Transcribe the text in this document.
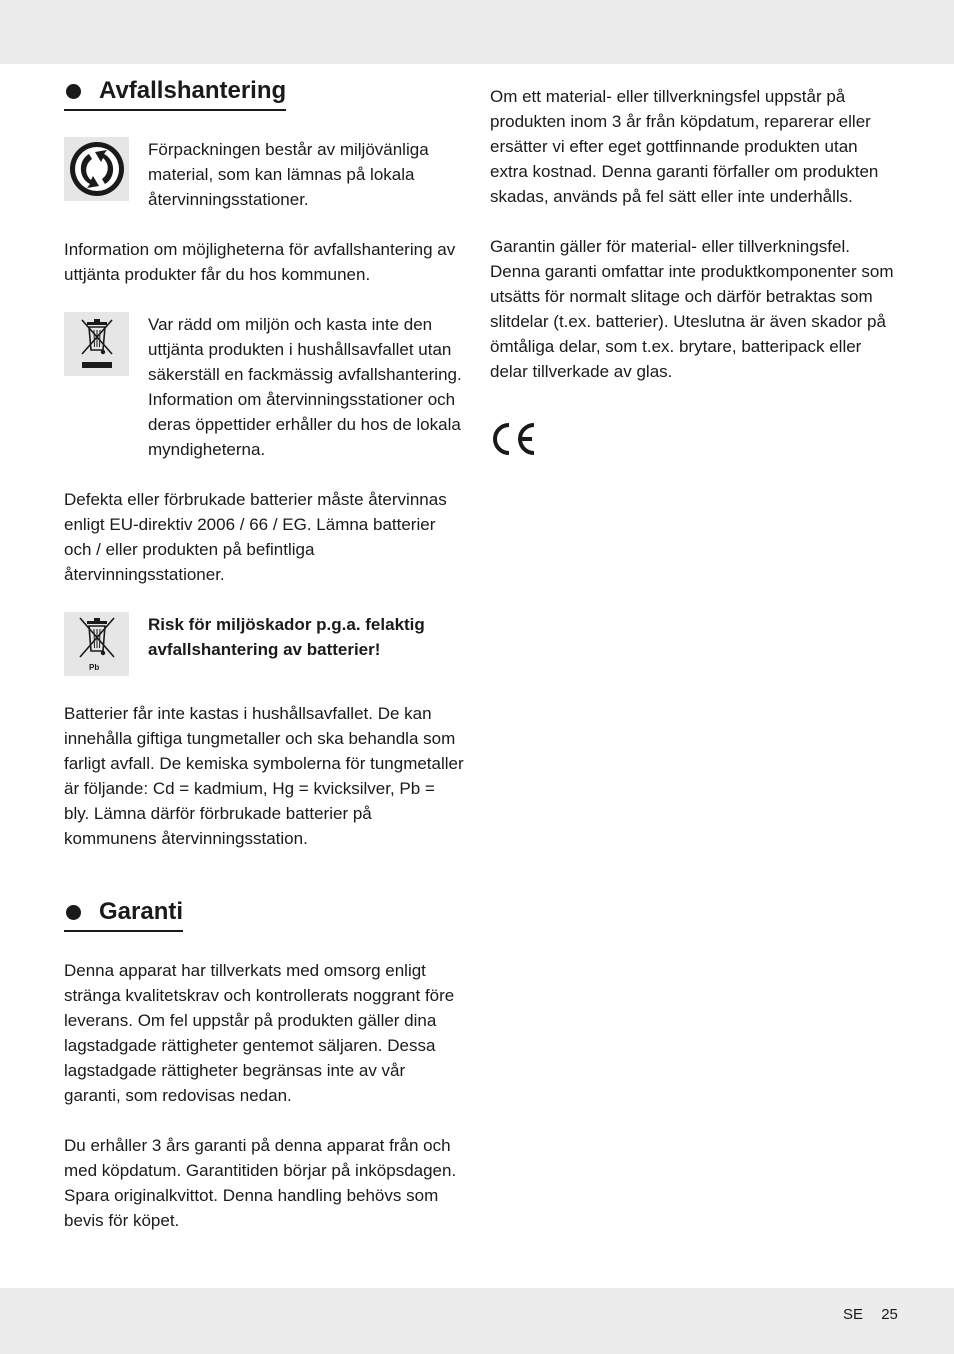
Avfallshantering

Förpackningen består av miljövänliga material, som kan lämnas på lokala återvinningsstationer.

Information om möjligheterna för avfallshantering av uttjänta produkter får du hos kommunen.

Var rädd om miljön och kasta inte den uttjänta produkten i hushållsavfallet utan säkerställ en fackmässig avfallshantering. Information om återvinningsstationer och deras öppettider erhåller du hos de lokala myndigheterna.

Defekta eller förbrukade batterier måste återvinnas enligt EU-direktiv 2006 / 66 / EG. Lämna batterier och / eller produkten på befintliga återvinningsstationer.

Pb

Risk för miljöskador p.g.a. felaktig avfallshantering av batterier!

Batterier får inte kastas i hushållsavfallet. De kan innehålla giftiga tungmetaller och ska behandla som farligt avfall. De kemiska symbolerna för tungmetaller är följande: Cd = kadmium, Hg = kvicksilver, Pb = bly. Lämna därför förbrukade batterier på kommunens återvinningsstation.

Garanti

Denna apparat har tillverkats med omsorg enligt stränga kvalitetskrav och kontrollerats noggrant före leverans. Om fel uppstår på produkten gäller dina lagstadgade rättigheter gentemot säljaren. Dessa lagstadgade rättigheter begränsas inte av vår garanti, som redovisas nedan.

Du erhåller 3 års garanti på denna apparat från och med köpdatum. Garantitiden börjar på inköpsdagen. Spara originalkvittot. Denna handling behövs som bevis för köpet.

Om ett material- eller tillverkningsfel uppstår på produkten inom 3 år från köpdatum, reparerar eller ersätter vi efter eget gottfinnande produkten utan extra kostnad. Denna garanti förfaller om produkten skadas, används på fel sätt eller inte underhålls.

Garantin gäller för material- eller tillverkningsfel. Denna garanti omfattar inte produktkomponenter som utsätts för normalt slitage och därför betraktas som slitdelar (t.ex. batterier). Uteslutna är även skador på ömtåliga delar, som t.ex. brytare, batteripack eller delar tillverkade av glas.

SE 25
